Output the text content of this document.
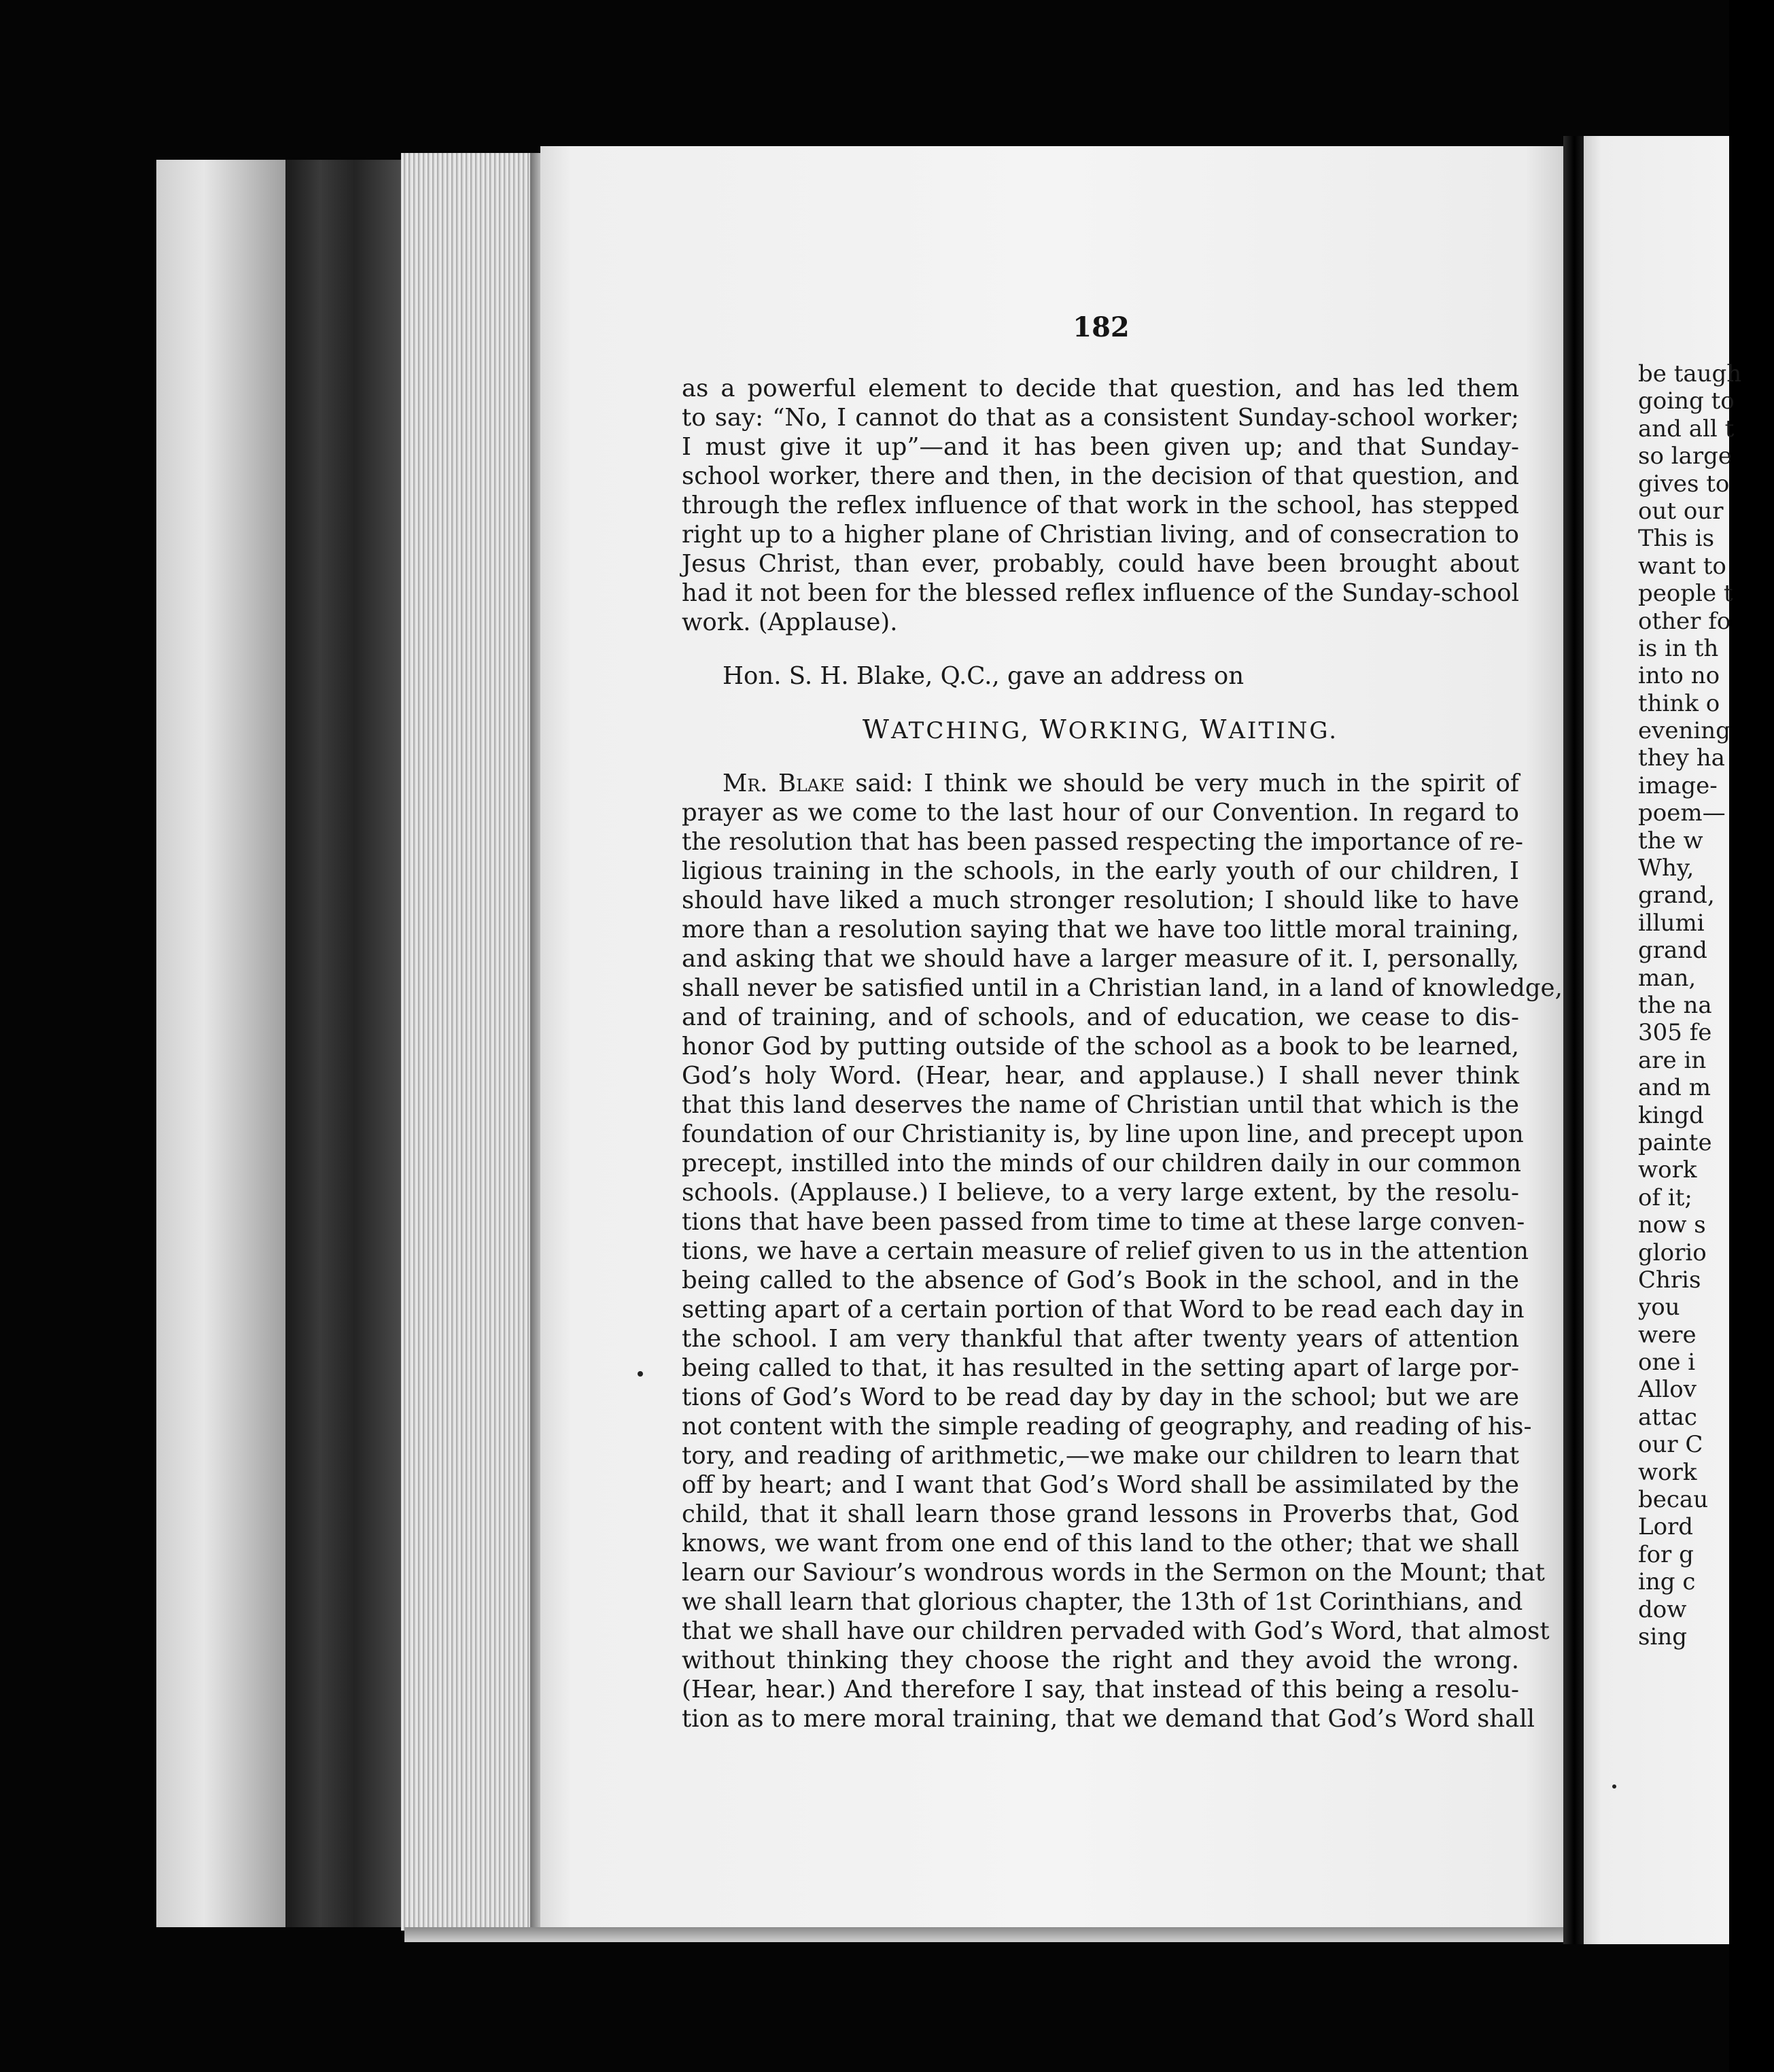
182
as a powerful element to decide that question, and has led them
to say: “No, I cannot do that as a consistent Sunday-school worker;
I must give it up”—and it has been given up; and that Sunday-
school worker, there and then, in the decision of that question, and
through the reflex influence of that work in the school, has stepped
right up to a higher plane of Christian living, and of consecration to
Jesus Christ, than ever, probably, could have been brought about
had it not been for the blessed reflex influence of the Sunday-school
work. (Applause).
Hon. S. H. Blake, Q.C., gave an address on
WATCHING, WORKING, WAITING.
Mr. Blake said: I think we should be very much in the spirit of
prayer as we come to the last hour of our Convention. In regard to
the resolution that has been passed respecting the importance of re-
ligious training in the schools, in the early youth of our children, I
should have liked a much stronger resolution; I should like to have
more than a resolution saying that we have too little moral training,
and asking that we should have a larger measure of it. I, personally,
shall never be satisfied until in a Christian land, in a land of knowledge,
and of training, and of schools, and of education, we cease to dis-
honor God by putting outside of the school as a book to be learned,
God’s holy Word. (Hear, hear, and applause.) I shall never think
that this land deserves the name of Christian until that which is the
foundation of our Christianity is, by line upon line, and precept upon
precept, instilled into the minds of our children daily in our common
schools. (Applause.) I believe, to a very large extent, by the resolu-
tions that have been passed from time to time at these large conven-
tions, we have a certain measure of relief given to us in the attention
being called to the absence of God’s Book in the school, and in the
setting apart of a certain portion of that Word to be read each day in
the school. I am very thankful that after twenty years of attention
being called to that, it has resulted in the setting apart of large por-
tions of God’s Word to be read day by day in the school; but we are
not content with the simple reading of geography, and reading of his-
tory, and reading of arithmetic,—we make our children to learn that
off by heart; and I want that God’s Word shall be assimilated by the
child, that it shall learn those grand lessons in Proverbs that, God
knows, we want from one end of this land to the other; that we shall
learn our Saviour’s wondrous words in the Sermon on the Mount; that
we shall learn that glorious chapter, the 13th of 1st Corinthians, and
that we shall have our children pervaded with God’s Word, that almost
without thinking they choose the right and they avoid the wrong.
(Hear, hear.) And therefore I say, that instead of this being a resolu-
tion as to mere moral training, that we demand that God’s Word shall
be taugh
going to
and all t
so large
gives to
out our
This is
want to
people t
other fo
is in th
into no
think o
evening
they ha
image-
poem—
the w
Why,
grand,
illumi
grand
man,
the na
305 fe
are in
and m
kingd
painte
work
of it;
now s
glorio
Chris
you
were
one i
Allov
attac
our C
work
becau
Lord
for g
ing c
dow
sing
